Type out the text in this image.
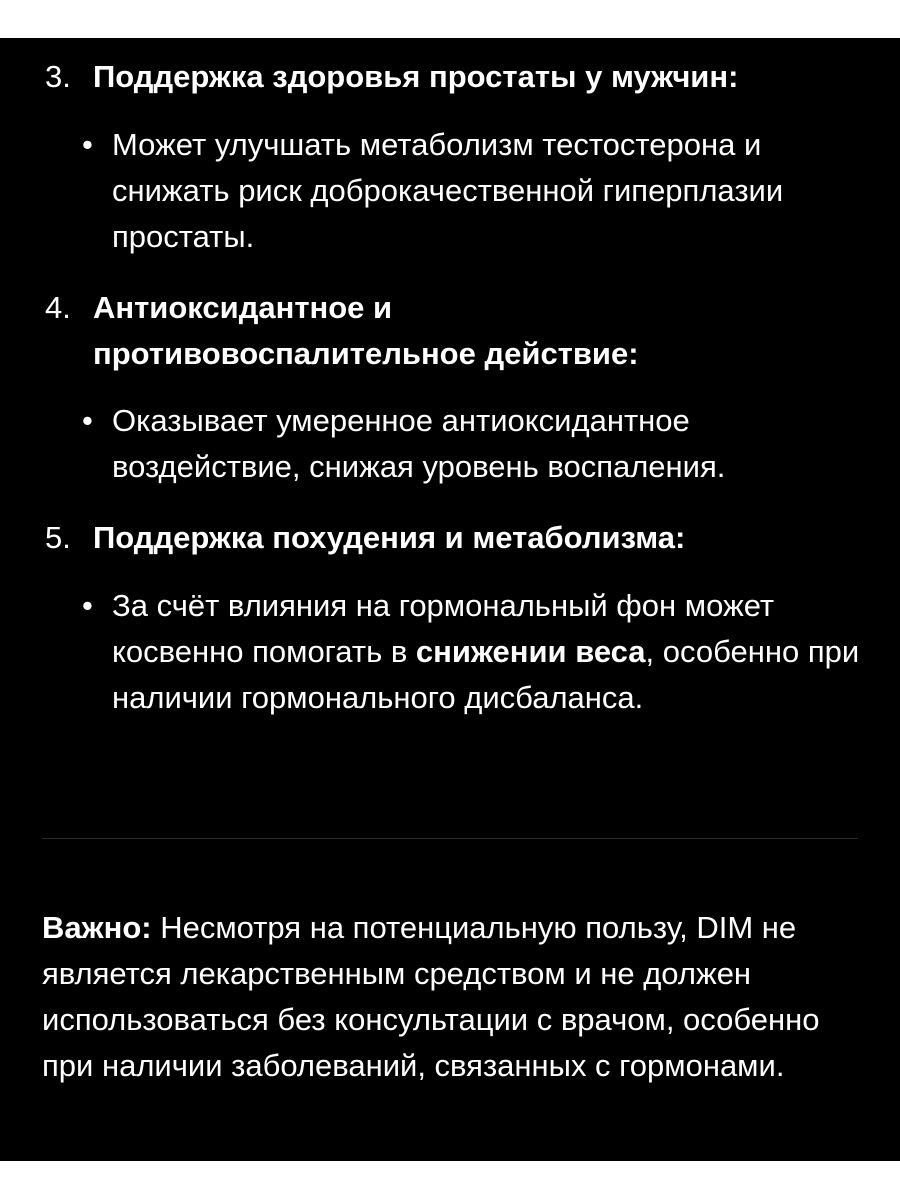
3. Поддержка здоровья простаты у мужчин:
• Может улучшать метаболизм тестостерона и снижать риск доброкачественной гиперплазии простаты.
4. Антиоксидантное и
противовоспалительное действие:
• Оказывает умеренное антиоксидантное воздействие, снижая уровень воспаления.
5. Поддержка похудения и метаболизма:
• За счёт влияния на гормональный фон может косвенно помогать в снижении веса, особенно при наличии гормонального дисбаланса.
Важно: Несмотря на потенциальную пользу, DIM не является лекарственным средством и не должен использоваться без консультации с врачом, особенно при наличии заболеваний, связанных с гормонами.
